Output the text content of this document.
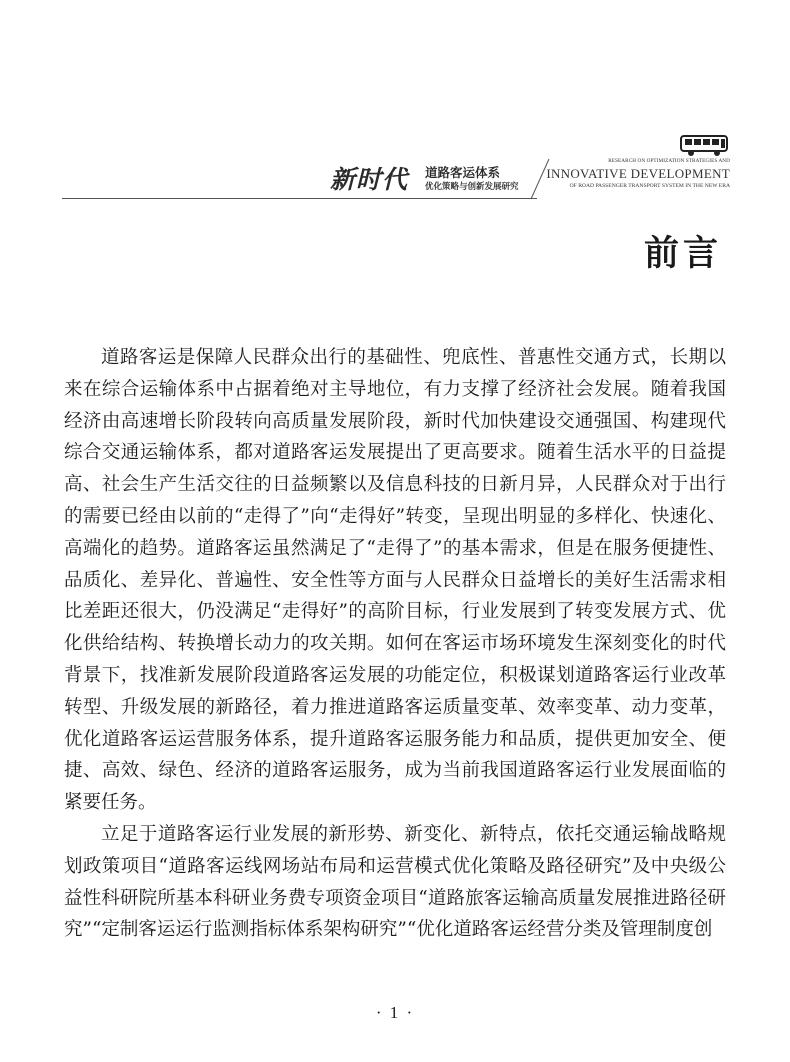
新时代 道路客运体系
优化策略与创新发展研究
RESEARCH ON OPTIMIZATION STRATEGIES AND
INNOVATIVE DEVELOPMENT
OF ROAD PASSENGER TRANSPORT SYSTEM IN THE NEW ERA
前言

道路客运是保障人民群众出行的基础性、兜底性、普惠性交通方式，长期以来在综合运输体系中占据着绝对主导地位，有力支撑了经济社会发展。随着我国经济由高速增长阶段转向高质量发展阶段，新时代加快建设交通强国、构建现代综合交通运输体系，都对道路客运发展提出了更高要求。随着生活水平的日益提高、社会生产生活交往的日益频繁以及信息科技的日新月异，人民群众对于出行的需要已经由以前的“走得了”向“走得好”转变，呈现出明显的多样化、快速化、高端化的趋势。道路客运虽然满足了“走得了”的基本需求，但是在服务便捷性、品质化、差异化、普遍性、安全性等方面与人民群众日益增长的美好生活需求相比差距还很大，仍没满足“走得好”的高阶目标，行业发展到了转变发展方式、优化供给结构、转换增长动力的攻关期。如何在客运市场环境发生深刻变化的时代背景下，找准新发展阶段道路客运发展的功能定位，积极谋划道路客运行业改革转型、升级发展的新路径，着力推进道路客运质量变革、效率变革、动力变革，优化道路客运运营服务体系，提升道路客运服务能力和品质，提供更加安全、便捷、高效、绿色、经济的道路客运服务，成为当前我国道路客运行业发展面临的紧要任务。

立足于道路客运行业发展的新形势、新变化、新特点，依托交通运输战略规划政策项目“道路客运线网场站布局和运营模式优化策略及路径研究”及中央级公益性科研院所基本科研业务费专项资金项目“道路旅客运输高质量发展推进路径研究”“定制客运运行监测指标体系架构研究”“优化道路客运经营分类及管理制度创

· 1 ·
